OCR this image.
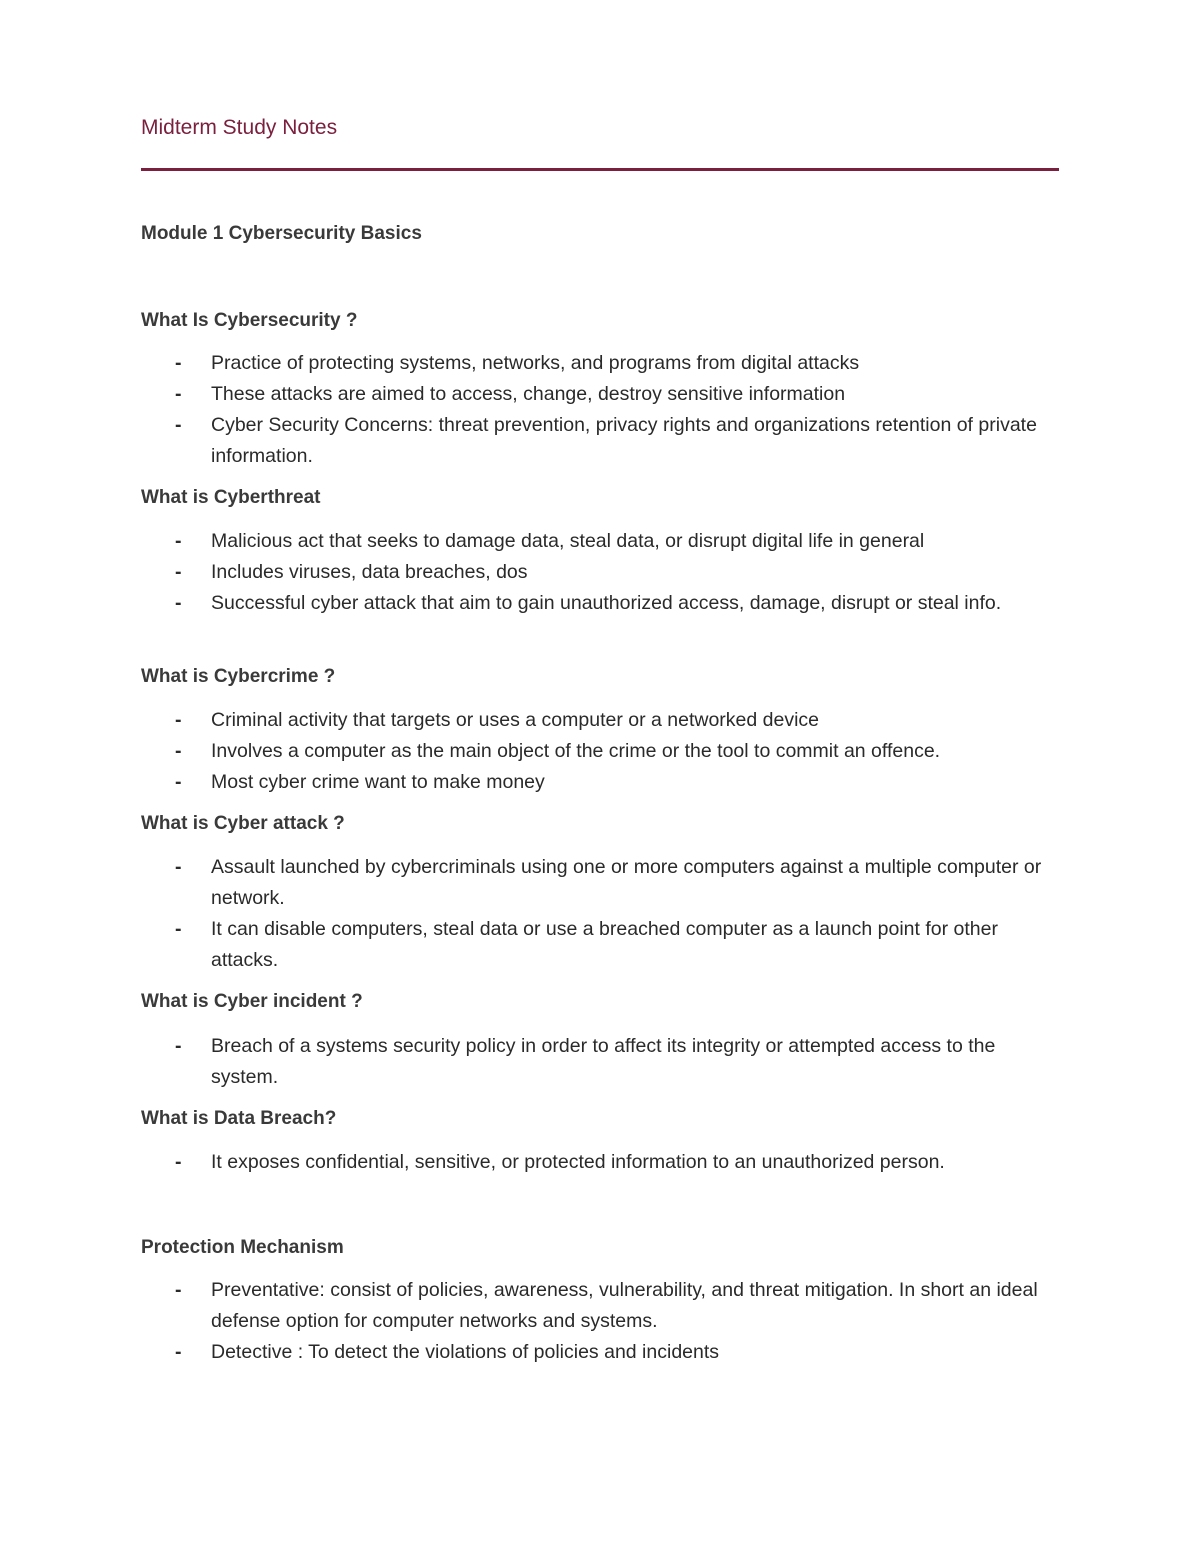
Midterm Study Notes
Module 1 Cybersecurity Basics
What Is Cybersecurity ?
- Practice of protecting systems, networks, and programs from digital attacks
- These attacks are aimed to access, change, destroy sensitive information
- Cyber Security Concerns: threat prevention, privacy rights and organizations retention of private information.
What is Cyberthreat
- Malicious act that seeks to damage data, steal data, or disrupt digital life in general
- Includes viruses, data breaches, dos
- Successful cyber attack that aim to gain unauthorized access, damage, disrupt or steal info.
What is Cybercrime ?
- Criminal activity that targets or uses a computer or a networked device
- Involves a computer as the main object of the crime or the tool to commit an offence.
- Most cyber crime want to make money
What is Cyber attack ?
- Assault launched by cybercriminals using one or more computers against a multiple computer or network.
- It can disable computers, steal data or use a breached computer as a launch point for other attacks.
What is Cyber incident ?
- Breach of a systems security policy in order to affect its integrity or attempted access to the system.
What is Data Breach?
- It exposes confidential, sensitive, or protected information to an unauthorized person.
Protection Mechanism
- Preventative: consist of policies, awareness, vulnerability, and threat mitigation. In short an ideal defense option for computer networks and systems.
- Detective : To detect the violations of policies and incidents
